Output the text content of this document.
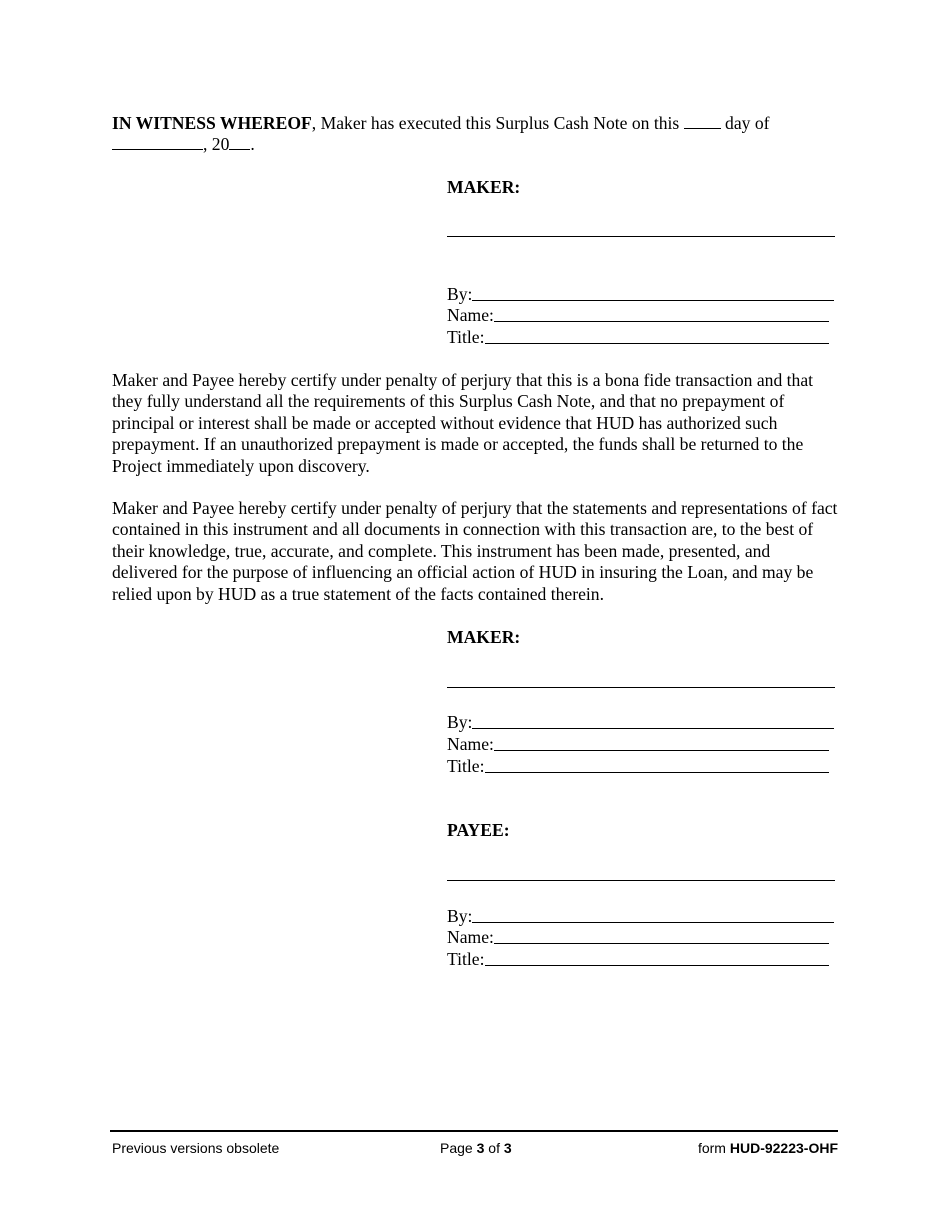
IN WITNESS WHEREOF, Maker has executed this Surplus Cash Note on this  day of
, 20 .
MAKER:
By:
Name:
Title:
Maker and Payee hereby certify under penalty of perjury that this is a bona fide transaction and that they fully understand all the requirements of this Surplus Cash Note, and that no prepayment of principal or interest shall be made or accepted without evidence that HUD has authorized such prepayment. If an unauthorized prepayment is made or accepted, the funds shall be returned to the Project immediately upon discovery.
Maker and Payee hereby certify under penalty of perjury that the statements and representations of fact contained in this instrument and all documents in connection with this transaction are, to the best of their knowledge, true, accurate, and complete. This instrument has been made, presented, and delivered for the purpose of influencing an official action of HUD in insuring the Loan, and may be relied upon by HUD as a true statement of the facts contained therein.
MAKER:
By:
Name:
Title:
PAYEE:
By:
Name:
Title:
Previous versions obsolete	Page 3 of 3	form HUD-92223-OHF
